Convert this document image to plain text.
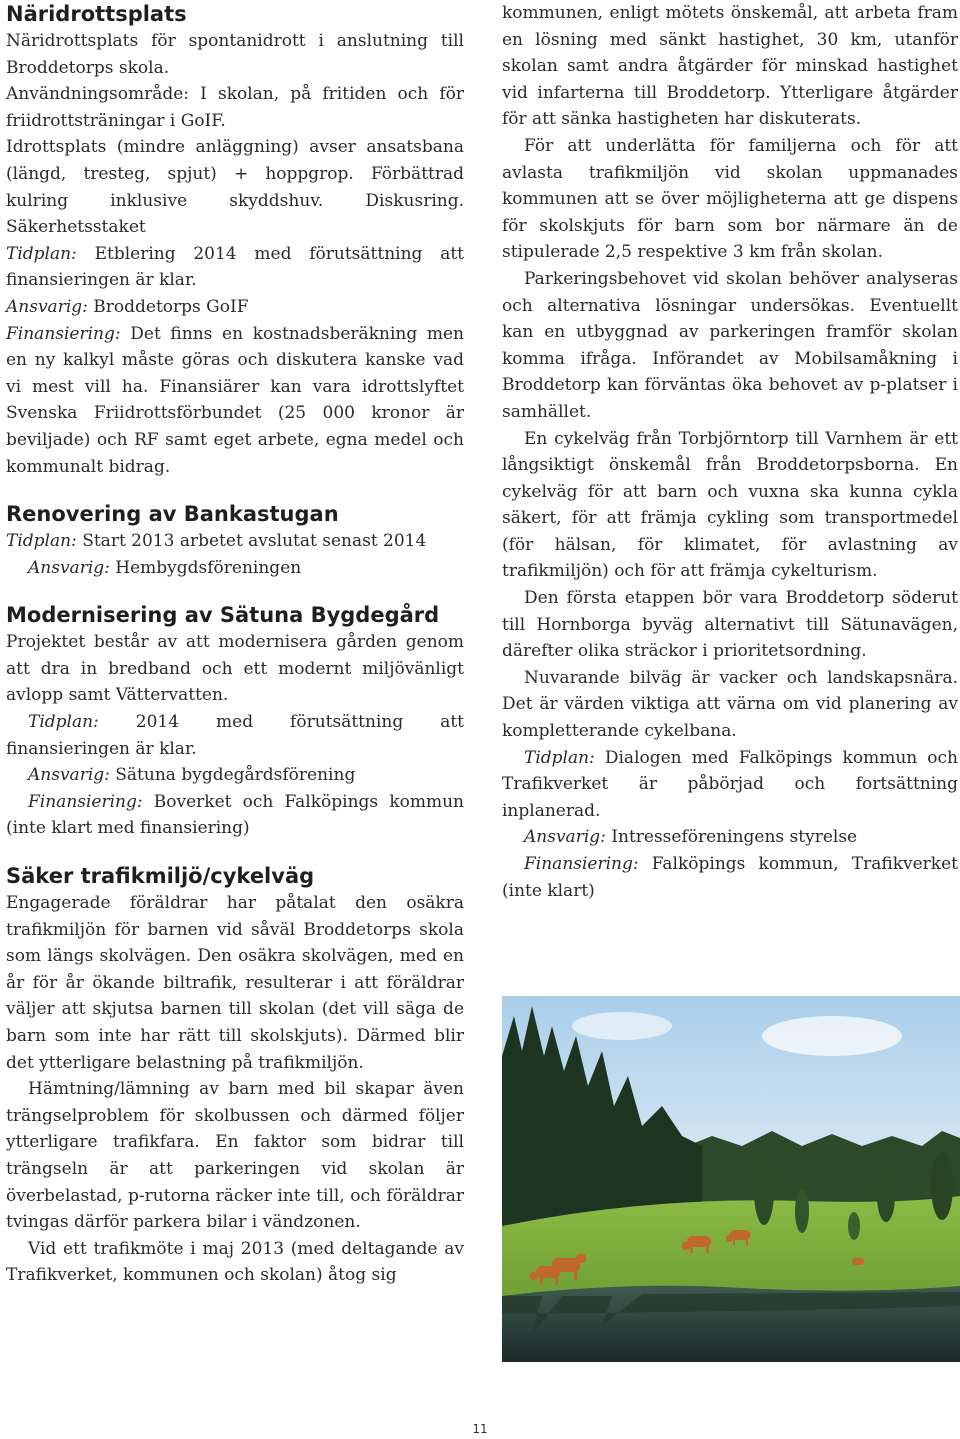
Näridrottsplats

Näridrottsplats för spontanidrott i anslutning till Broddetorps skola.

Användningsområde: I skolan, på fritiden och för friidrottsträningar i GoIF.

Idrottsplats (mindre anläggning) avser ansatsbana (längd, tresteg, spjut) + hoppgrop. Förbättrad kulring inklusive skyddshuv. Diskusring. Säkerhetsstaket

Tidplan: Etblering 2014 med förutsättning att finansieringen är klar.

Ansvarig: Broddetorps GoIF

Finansiering: Det finns en kostnadsberäkning men en ny kalkyl måste göras och diskutera kanske vad vi mest vill ha. Finansiärer kan vara idrottslyftet Svenska Friidrottsförbundet (25 000 kronor är beviljade) och RF samt eget arbete, egna medel och kommunalt bidrag.

Renovering av Bankastugan

Tidplan: Start 2013 arbetet avslutat senast 2014

Ansvarig: Hembygdsföreningen

Modernisering av Sätuna Bygdegård

Projektet består av att modernisera gården genom att dra in bredband och ett modernt miljövänligt avlopp samt Vättervatten.

Tidplan: 2014 med förutsättning att finansieringen är klar.

Ansvarig: Sätuna bygdegårdsförening

Finansiering: Boverket och Falköpings kommun (inte klart med finansiering)

Säker trafikmiljö/cykelväg

Engagerade föräldrar har påtalat den osäkra trafikmiljön för barnen vid såväl Broddetorps skola som längs skolvägen. Den osäkra skolvägen, med en år för år ökande biltrafik, resulterar i att föräldrar väljer att skjutsa barnen till skolan (det vill säga de barn som inte har rätt till skolskjuts). Därmed blir det ytterligare belastning på trafikmiljön.

Hämtning/lämning av barn med bil skapar även trängselproblem för skolbussen och därmed följer ytterligare trafikfara. En faktor som bidrar till trängseln är att parkeringen vid skolan är överbelastad, p-rutorna räcker inte till, och föräldrar tvingas därför parkera bilar i vändzonen.

Vid ett trafikmöte i maj 2013 (med deltagande av Trafikverket, kommunen och skolan) åtog sig

kommunen, enligt mötets önskemål, att arbeta fram en lösning med sänkt hastighet, 30 km, utanför skolan samt andra åtgärder för minskad hastighet vid infarterna till Broddetorp. Ytterligare åtgärder för att sänka hastigheten har diskuterats.

För att underlätta för familjerna och för att avlasta trafikmiljön vid skolan uppmanades kommunen att se över möjligheterna att ge dispens för skolskjuts för barn som bor närmare än de stipulerade 2,5 respektive 3 km från skolan.

Parkeringsbehovet vid skolan behöver analyseras och alternativa lösningar undersökas. Eventuellt kan en utbyggnad av parkeringen framför skolan komma ifråga. Införandet av Mobilsamåkning i Broddetorp kan förväntas öka behovet av p-platser i samhället.

En cykelväg från Torbjörntorp till Varnhem är ett långsiktigt önskemål från Broddetorpsborna. En cykelväg för att barn och vuxna ska kunna cykla säkert, för att främja cykling som transportmedel (för hälsan, för klimatet, för avlastning av trafikmiljön) och för att främja cykelturism.

Den första etappen bör vara Broddetorp söderut till Hornborga byväg alternativt till Sätunavägen, därefter olika sträckor i prioritetsordning.

Nuvarande bilväg är vacker och landskapsnära. Det är värden viktiga att värna om vid planering av kompletterande cykelbana.

Tidplan: Dialogen med Falköpings kommun och Trafikverket är påbörjad och fortsättning inplanerad.

Ansvarig: Intresseföreningens styrelse

Finansiering: Falköpings kommun, Trafikverket (inte klart)

11
